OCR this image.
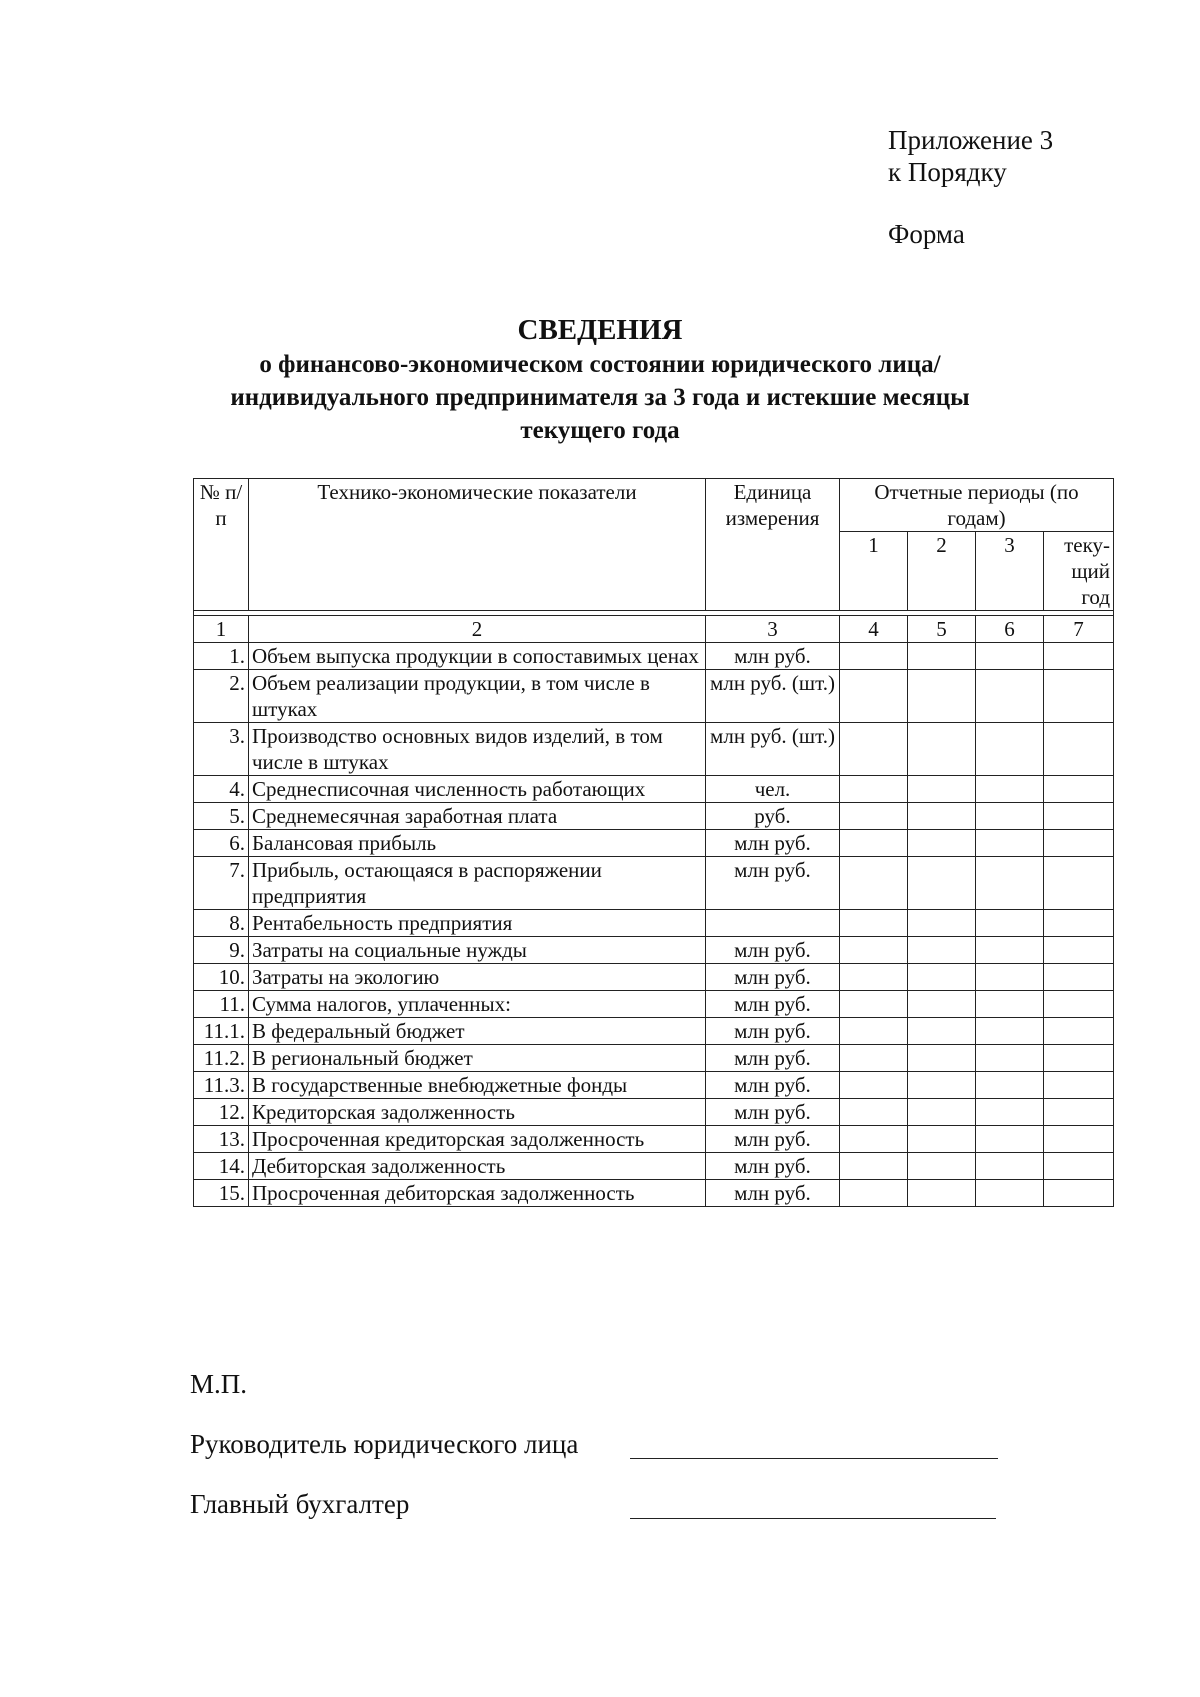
Приложение 3
к Порядку
Форма
СВЕДЕНИЯ
о финансово-экономическом состоянии юридического лица/
индивидуального предпринимателя за 3 года и истекшие месяцы
текущего года
№ п/п	Технико-экономические показатели	Единица измерения	Отчетные периоды (по годам)			
			1	2	3	теку-щий год

1	2	3	4	5	6	7
1.	Объем выпуска продукции в сопоставимых ценах	млн руб.				
2.	Объем реализации продукции, в том числе в штуках	млн руб. (шт.)				
3.	Производство основных видов изделий, в том числе в штуках	млн руб. (шт.)				
4.	Среднесписочная численность работающих	чел.				
5.	Среднемесячная заработная плата	руб.				
6.	Балансовая прибыль	млн руб.				
7.	Прибыль, остающаяся в распоряжении предприятия	млн руб.				
8.	Рентабельность предприятия					
9.	Затраты на социальные нужды	млн руб.				
10.	Затраты на экологию	млн руб.				
11.	Сумма налогов, уплаченных:	млн руб.				
11.1.	В федеральный бюджет	млн руб.				
11.2.	В региональный бюджет	млн руб.				
11.3.	В государственные внебюджетные фонды	млн руб.				
12.	Кредиторская задолженность	млн руб.				
13.	Просроченная кредиторская задолженность	млн руб.				
14.	Дебиторская задолженность	млн руб.				
15.	Просроченная дебиторская задолженность	млн руб.				
М.П.
Руководитель юридического лица
Главный бухгалтер
